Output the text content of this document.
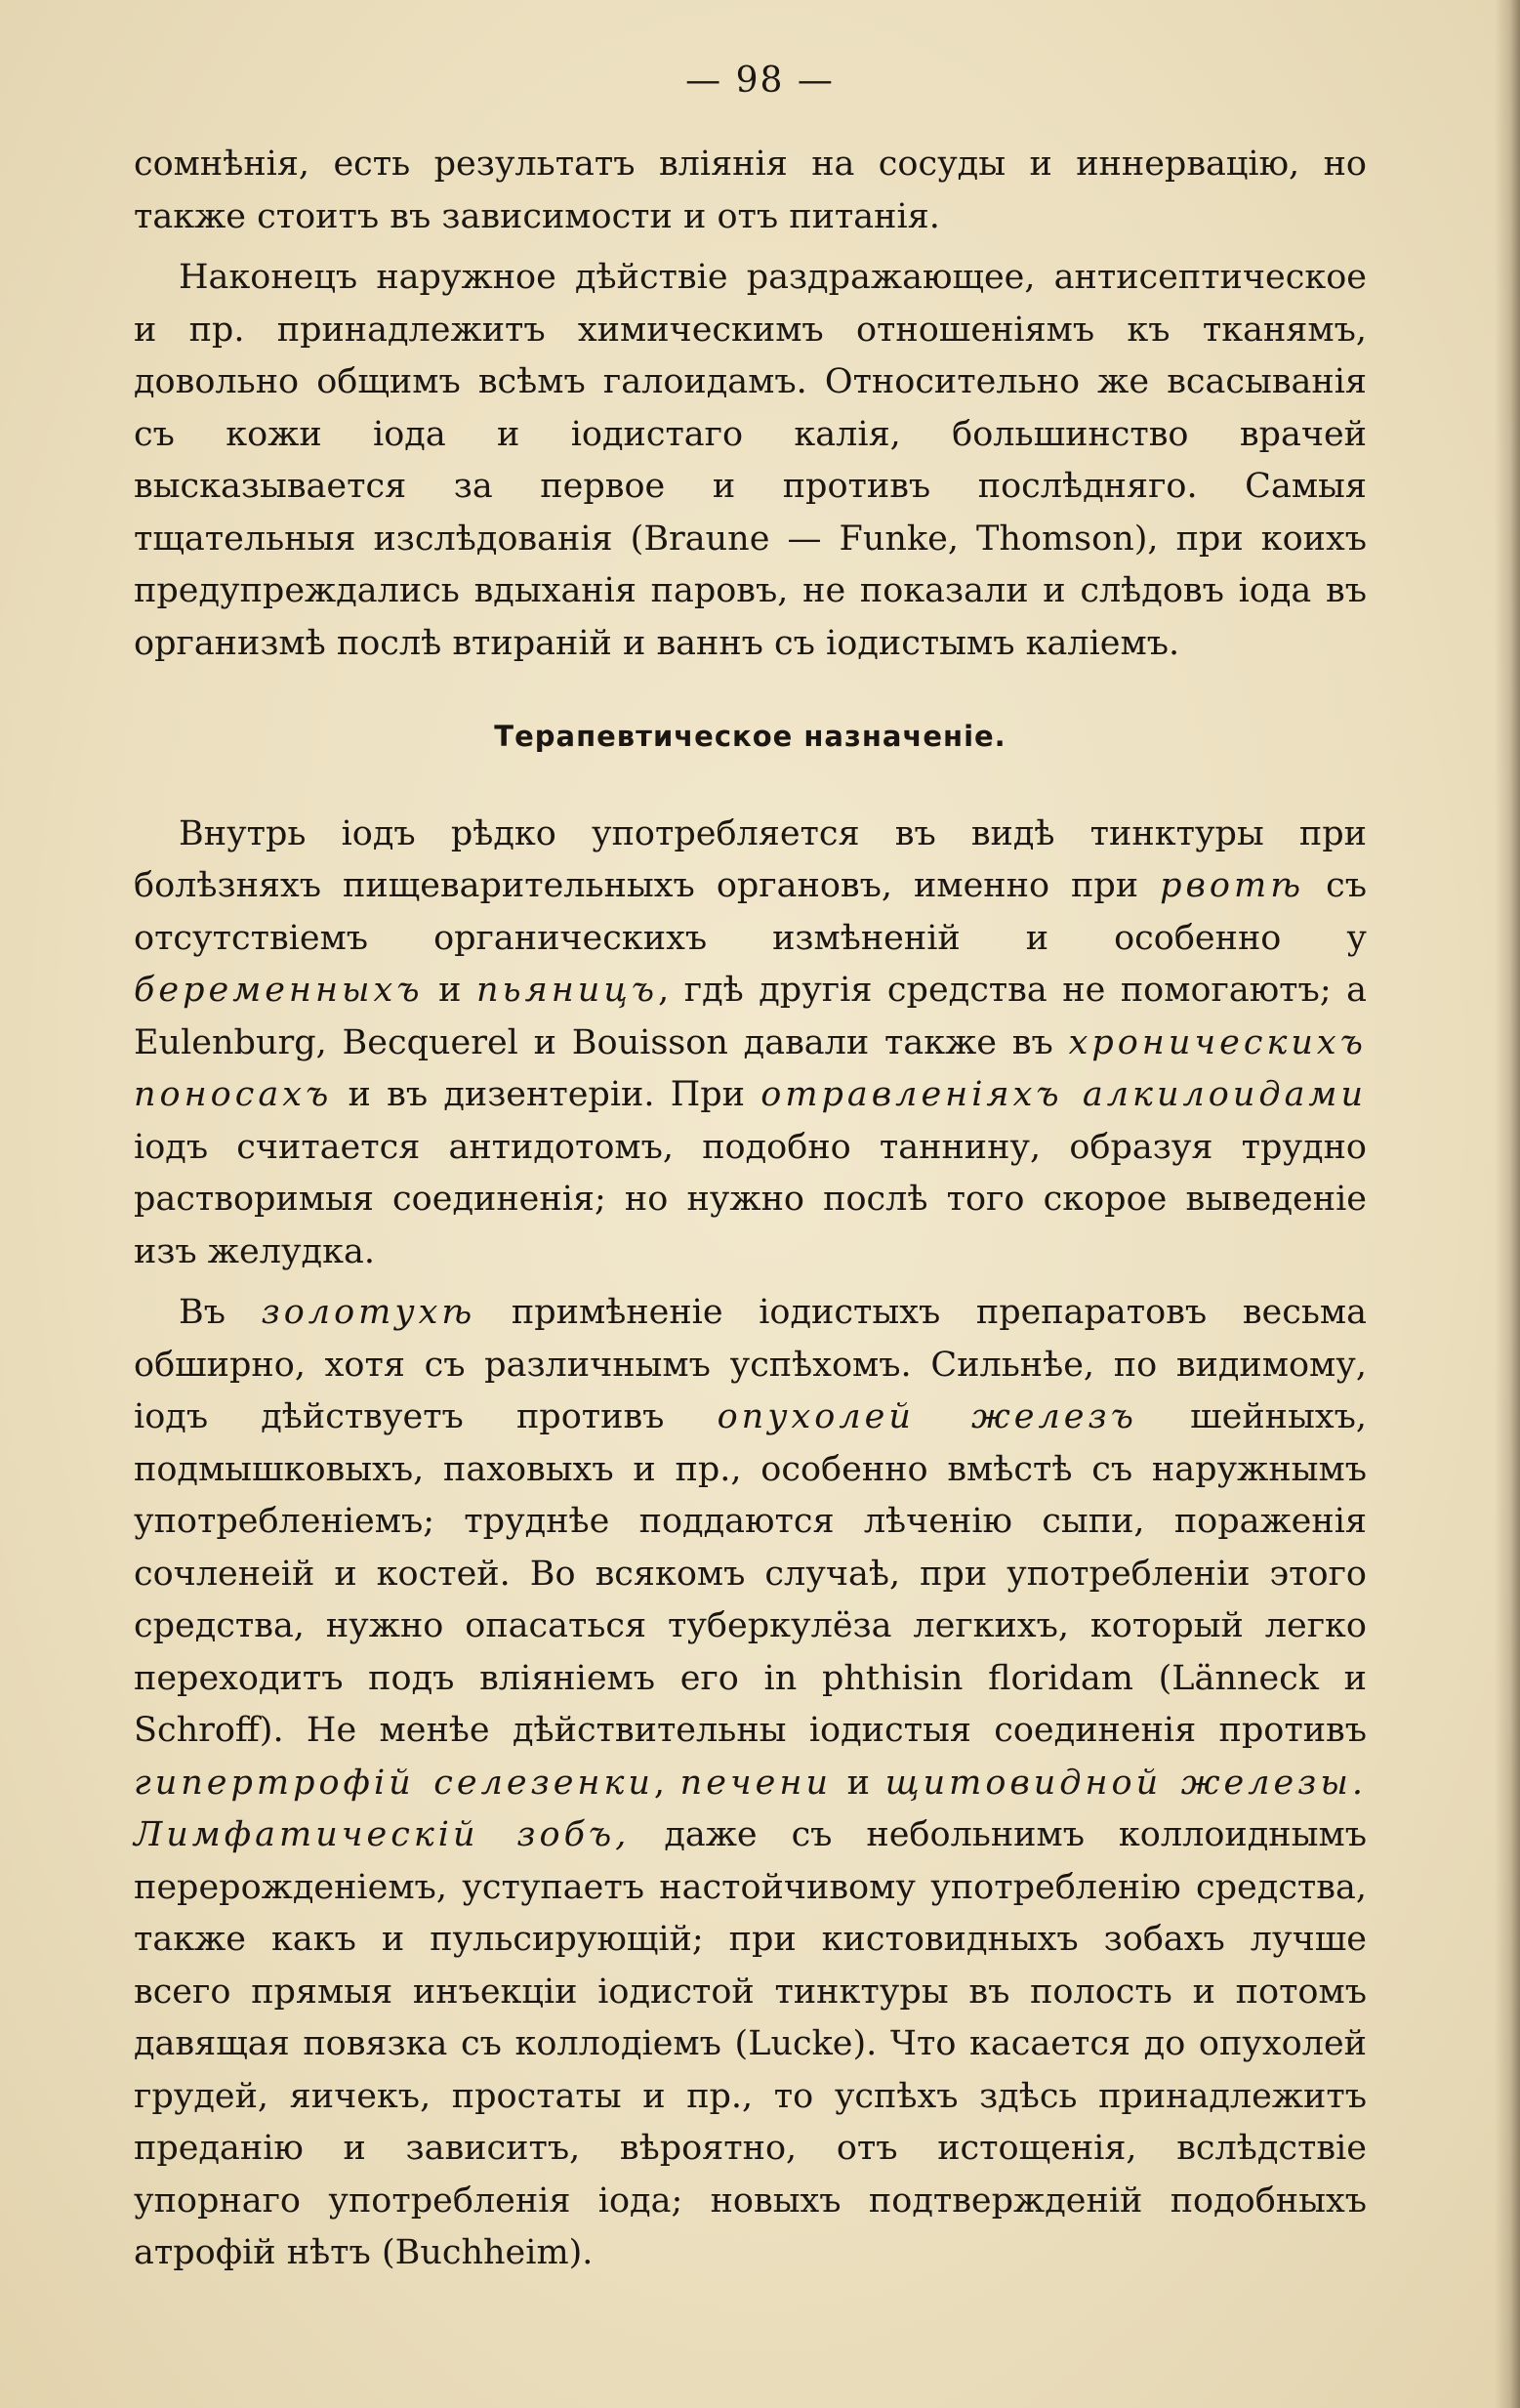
— 98 —

сомнѣнія, есть результатъ вліянія на сосуды и иннервацію, но также стоитъ въ зависимости и отъ питанія.

Наконецъ наружное дѣйствіе раздражающее, антисептическое и пр. принадлежитъ химическимъ отношеніямъ къ тканямъ, довольно общимъ всѣмъ галоидамъ. Относительно же всасыванія съ кожи іода и іодистаго калія, большинство врачей высказывается за первое и противъ послѣдняго. Самыя тщательныя изслѣдованія (Braune — Funke, Thomson), при коихъ предупреждались вдыханія паровъ, не показали и слѣдовъ іода въ организмѣ послѣ втираній и ваннъ съ іодистымъ каліемъ.

Терапевтическое назначеніе.

Внутрь іодъ рѣдко употребляется въ видѣ тинктуры при болѣзняхъ пищеварительныхъ органовъ, именно при рвотѣ съ отсутствіемъ органическихъ измѣненій и особенно у беременныхъ и пьяницъ, гдѣ другія средства не помогаютъ; а Eulenburg, Becquerel и Bouisson давали также въ хроническихъ поносахъ и въ дизентеріи. При отравленіяхъ алкилоидами іодъ считается антидотомъ, подобно таннину, образуя трудно растворимыя соединенія; но нужно послѣ того скорое выведеніе изъ желудка.

Въ золотухѣ примѣненіе іодистыхъ препаратовъ весьма обширно, хотя съ различнымъ успѣхомъ. Сильнѣе, по видимому, іодъ дѣйствуетъ противъ опухолей железъ шейныхъ, подмышковыхъ, паховыхъ и пр., особенно вмѣстѣ съ наружнымъ употребленіемъ; труднѣе поддаются лѣченію сыпи, пораженія сочленеiй и костей. Во всякомъ случаѣ, при употребленіи этого средства, нужно опасаться туберкулёза легкихъ, который легко переходитъ подъ вліяніемъ его in phthisin floridam (Länneck и Schroff). Не менѣе дѣйствительны іодистыя соединенія противъ гипертрофій селезенки, печени и щитовидной железы. Лимфатическій зобъ, даже съ небольнимъ коллоиднымъ перерожденіемъ, уступаетъ настойчивому употребленію средства, также какъ и пульсирующій; при кистовидныхъ зобахъ лучше всего прямыя инъекціи іодистой тинктуры въ полость и потомъ давящая повязка съ коллодіемъ (Lucke). Что касается до опухолей грудей, яичекъ, простаты и пр., то успѣхъ здѣсь принадлежитъ преданію и зависитъ, вѣроятно, отъ истощенія, вслѣдствіе упорнаго употребленія іода; новыхъ подтвержденій подобныхъ атрофій нѣтъ (Buchheim).
